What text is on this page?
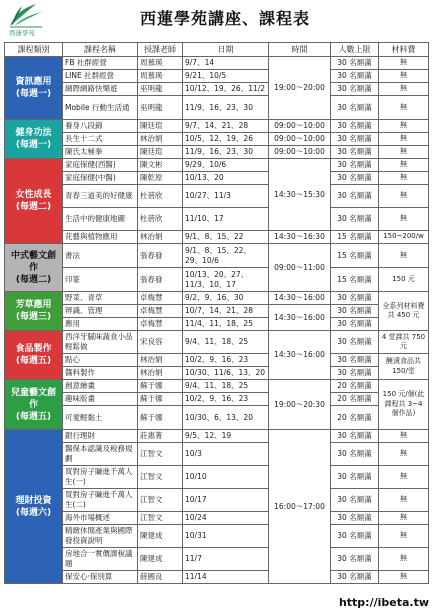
西蓮學苑
西蓮學苑講座、課程表
課程類別	課程名稱	授課老師	日期	時間	人數上限	材料費

資訊應用
(每週一)	FB 社群經營	周慕瑛	9/7、14	19:00～20:00	30 名額滿	無
	LINE 社群經營	周慕瑛	9/21、10/5		30 名額滿	無
	網際網路快樂遊	巫明龍	10/12、19、26、11/2		30 名額滿	無
	Mobile 行動生活通	巫明龍	11/9、16、23、30		30 名額滿	無

健身功法
(每週一)	養身八段錦	陳廷瑄	9/7、14、21、28	09:00～10:00	30 名額滿	無
	長生十二式	林治娟	10/5、12、19、26	09:00～10:00	30 名額滿	無
	陳氏太極拳	陳廷瑄	11/9、16、23、30	09:00～10:00	30 名額滿	無

女性成長
(每週二)	家庭保健(西醫)	陳文彬	9/29、10/6	14:30～15:30	30 名額滿	無
	家庭保健(中醫)	陳乾原	10/13、20		30 名額滿	無
	青春三道美的好健康	杜蓓欣	10/27、11/3		30 名額滿	無
	生活中的健康地圖	杜蓓欣	11/10、17		30 名額滿	無
	花藝與植物應用	林治娟	9/1、8、15、22	14:30～16:30	15 名額滿	150~200/w

中式藝文創作
(每週二)	書法	張春發	9/1、8、15、22、29、10/6	09:00～11:00	15 名額滿	無
	印篆	張春發	10/13、20、27、11/3、10、17		15 名額滿	150 元

芳草應用
(每週三)	野菜、青草	卓梅慧	9/2、9、16、30	14:30～16:00	30 名額滿	全系列材料費共 450 元
	辨識、管理	卓梅慧	10/7、14、21、28	14:30～16:00	30 名額滿	
	應用	卓梅慧	11/4、11、18、25		30 名額滿	

食品製作
(每週五)	西洋牙膩味蔬食小品輕鬆做	宋良容	9/4、11、18、25	14:30～16:00	30 名額滿	4 堂課共 750 元
	點心	林治娟	10/2、9、16、23		30 名額滿	醃漬食品共 150/堂
	醬料製作	林治娟	10/30、11/6、13、20		30 名額滿	

兒童藝文創作
(每週五)	創意繪畫	蘇于娜	9/4、11、18、25	19:00～20:30	20 名額滿	150 元/個(此課程共 3~4 個作品)
	趣味版畫	蘇于娜	10/2、9、16、23		20 名額滿	
	可愛輕黏土	蘇于娜	10/30、6、13、20		20 名額滿	

理財投資
(每週六)	銀行理財	莊惠菁	9/5、12、19	16:00～17:00	30 名額滿	無
	醫保本認識及稅務規劃	江智文	10/3		30 名額滿	無
	買對房子賺進千萬人生(一)	江智文	10/10		30 名額滿	無
	買對房子賺進千萬人生(二)	江智文	10/17		30 名額滿	無
	海外市場概述	江智文	10/24		30 名額滿	無
	精緻休閒產業與國際發投資說明	陳建成	10/31		30 名額滿	無
	房地合一實價課稅議題	陳建成	11/7		30 名額滿	無
	保安心‧保別算	薛國良	11/14		30 名額滿	無
http://ibeta.tw
